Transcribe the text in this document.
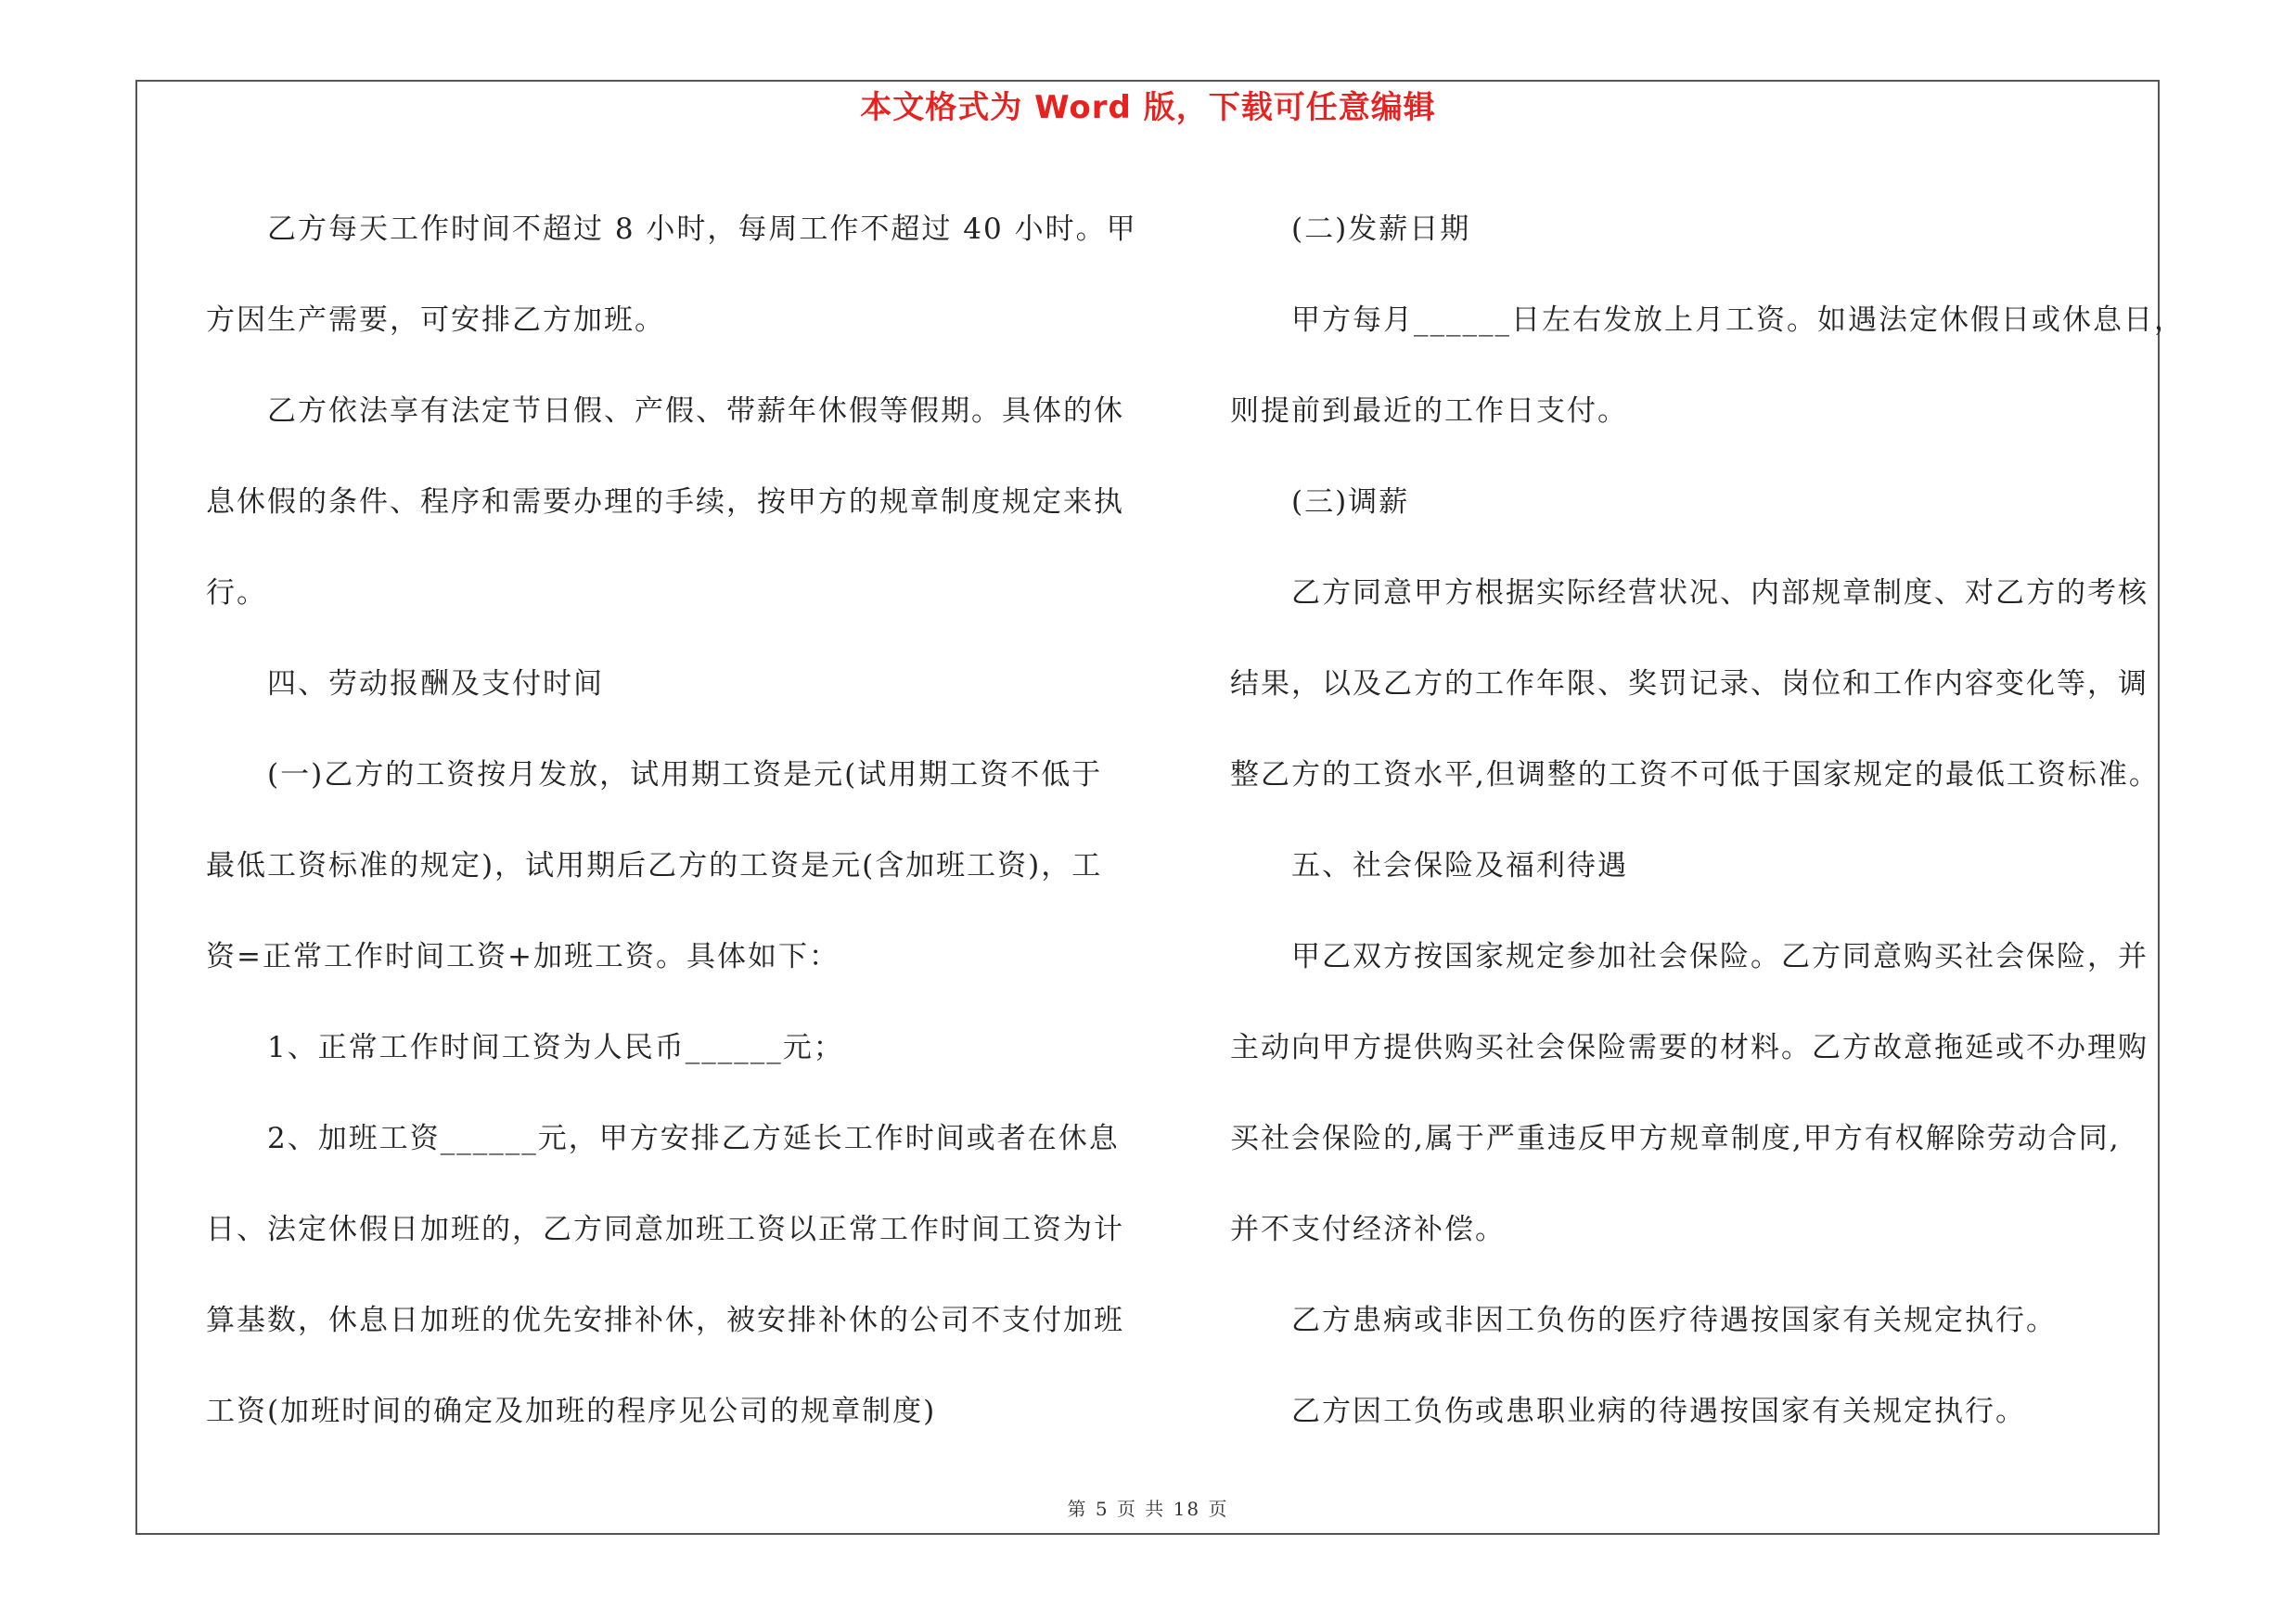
本文格式为 Word 版，下载可任意编辑
乙方每天工作时间不超过 8 小时，每周工作不超过 40 小时。甲
方因生产需要，可安排乙方加班。
乙方依法享有法定节日假、产假、带薪年休假等假期。具体的休
息休假的条件、程序和需要办理的手续，按甲方的规章制度规定来执
行。
四、劳动报酬及支付时间
(一)乙方的工资按月发放，试用期工资是元(试用期工资不低于
最低工资标准的规定)，试用期后乙方的工资是元(含加班工资)，工
资=正常工作时间工资+加班工资。具体如下：
1、正常工作时间工资为人民币______元；
2、加班工资______元，甲方安排乙方延长工作时间或者在休息
日、法定休假日加班的，乙方同意加班工资以正常工作时间工资为计
算基数，休息日加班的优先安排补休，被安排补休的公司不支付加班
工资(加班时间的确定及加班的程序见公司的规章制度)
(二)发薪日期
甲方每月______日左右发放上月工资。如遇法定休假日或休息日，
则提前到最近的工作日支付。
(三)调薪
乙方同意甲方根据实际经营状况、内部规章制度、对乙方的考核
结果，以及乙方的工作年限、奖罚记录、岗位和工作内容变化等，调
整乙方的工资水平,但调整的工资不可低于国家规定的最低工资标准。
五、社会保险及福利待遇
甲乙双方按国家规定参加社会保险。乙方同意购买社会保险，并
主动向甲方提供购买社会保险需要的材料。乙方故意拖延或不办理购
买社会保险的,属于严重违反甲方规章制度,甲方有权解除劳动合同,
并不支付经济补偿。
乙方患病或非因工负伤的医疗待遇按国家有关规定执行。
乙方因工负伤或患职业病的待遇按国家有关规定执行。
第 5 页 共 18 页
